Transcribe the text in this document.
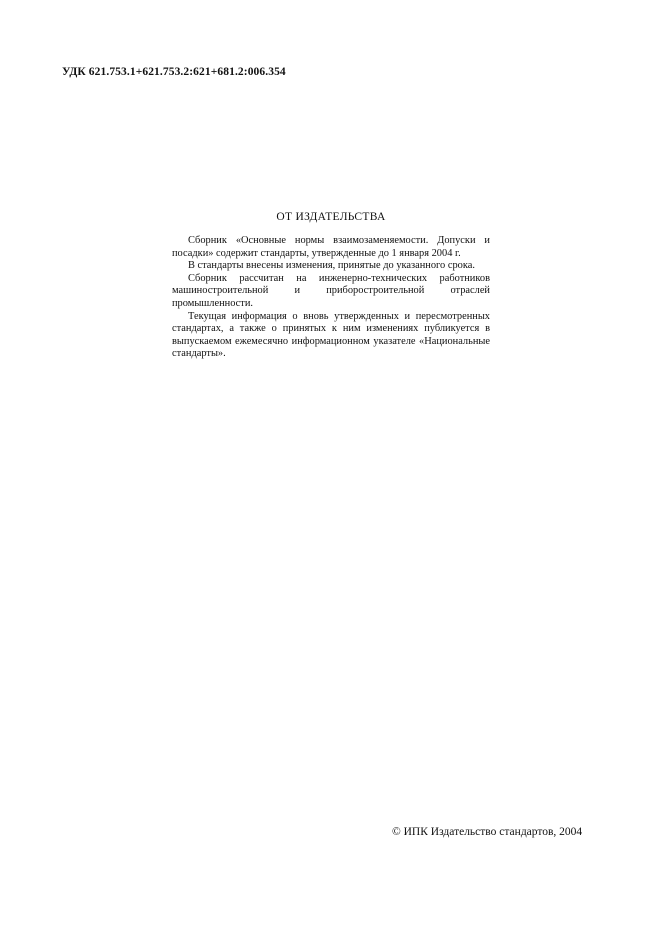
УДК 621.753.1+621.753.2:621+681.2:006.354
ОТ ИЗДАТЕЛЬСТВА

Сборник «Основные нормы взаимозаменяемости. Допуски и посадки» содержит стандарты, утвержденные до 1 января 2004 г.

В стандарты внесены изменения, принятые до указанного срока.

Сборник рассчитан на инженерно-технических работников машиностроительной и приборостроительной отраслей промышленности.

Текущая информация о вновь утвержденных и пересмотренных стандартах, а также о принятых к ним изменениях публикуется в выпускаемом ежемесячно информационном указателе «Национальные стандарты».

© ИПК Издательство стандартов, 2004
